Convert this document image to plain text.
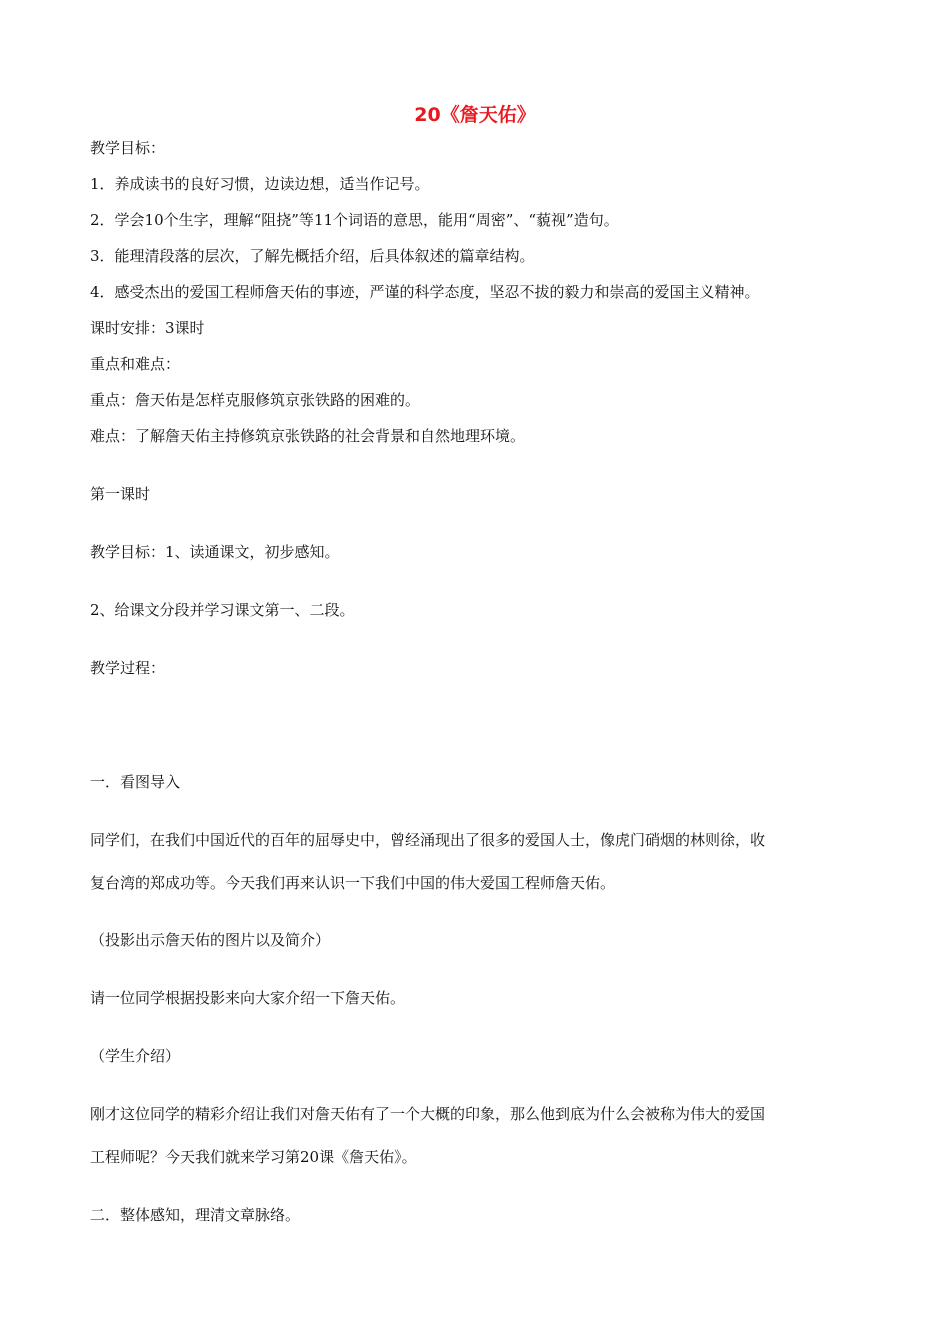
20《詹天佑》
教学目标：
1．养成读书的良好习惯，边读边想，适当作记号。
2．学会10个生字，理解“阻挠”等11个词语的意思，能用“周密”、“藐视”造句。
3．能理清段落的层次，了解先概括介绍，后具体叙述的篇章结构。
4．感受杰出的爱国工程师詹天佑的事迹，严谨的科学态度，坚忍不拔的毅力和崇高的爱国主义精神。
课时安排：3课时
重点和难点：
重点：詹天佑是怎样克服修筑京张铁路的困难的。
难点：了解詹天佑主持修筑京张铁路的社会背景和自然地理环境。
第一课时
教学目标：1、读通课文，初步感知。
2、给课文分段并学习课文第一、二段。
教学过程：
一．看图导入
同学们，在我们中国近代的百年的屈辱史中，曾经涌现出了很多的爱国人士，像虎门硝烟的林则徐，收
复台湾的郑成功等。今天我们再来认识一下我们中国的伟大爱国工程师詹天佑。
（投影出示詹天佑的图片以及简介）
请一位同学根据投影来向大家介绍一下詹天佑。
（学生介绍）
刚才这位同学的精彩介绍让我们对詹天佑有了一个大概的印象，那么他到底为什么会被称为伟大的爱国
工程师呢？今天我们就来学习第20课《詹天佑》。
二．整体感知，理清文章脉络。
